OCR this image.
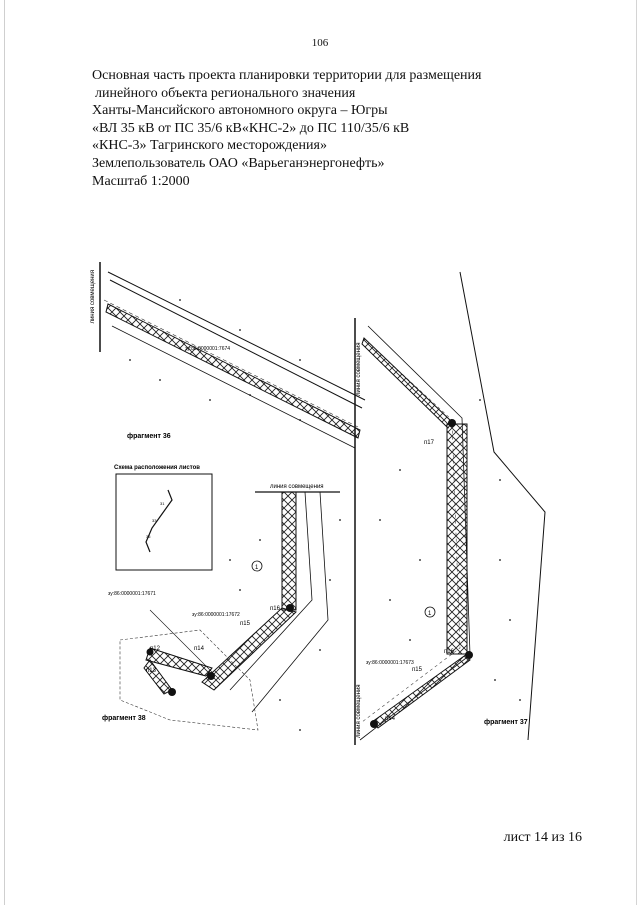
106
Основная часть проекта планировки территории для размещения
линейного объекта регионального значения
Ханты-Мансийского автономного округа – Югры
«ВЛ 35 кВ от ПС 35/6 кВ«КНС-2» до ПС 110/35/6 кВ
«КНС-3» Тагринского месторождения»
Землепользователь ОАО «Варьеганэнергонефть»
Масштаб 1:2000
линия совмещения
зу:86:0000001:7674
фрагмент 36
линия совмещения
линия совмещения
п17
п16
п15
п14
1
зу:86:0000001:17673
фрагмент 37
Схема расположения листов
31
33
35
линия совмещения
п16
п15
п14
п13
п12
1
зу:86:0000001:17671
зу:86:0000001:17672
фрагмент 38
лист 14 из 16
